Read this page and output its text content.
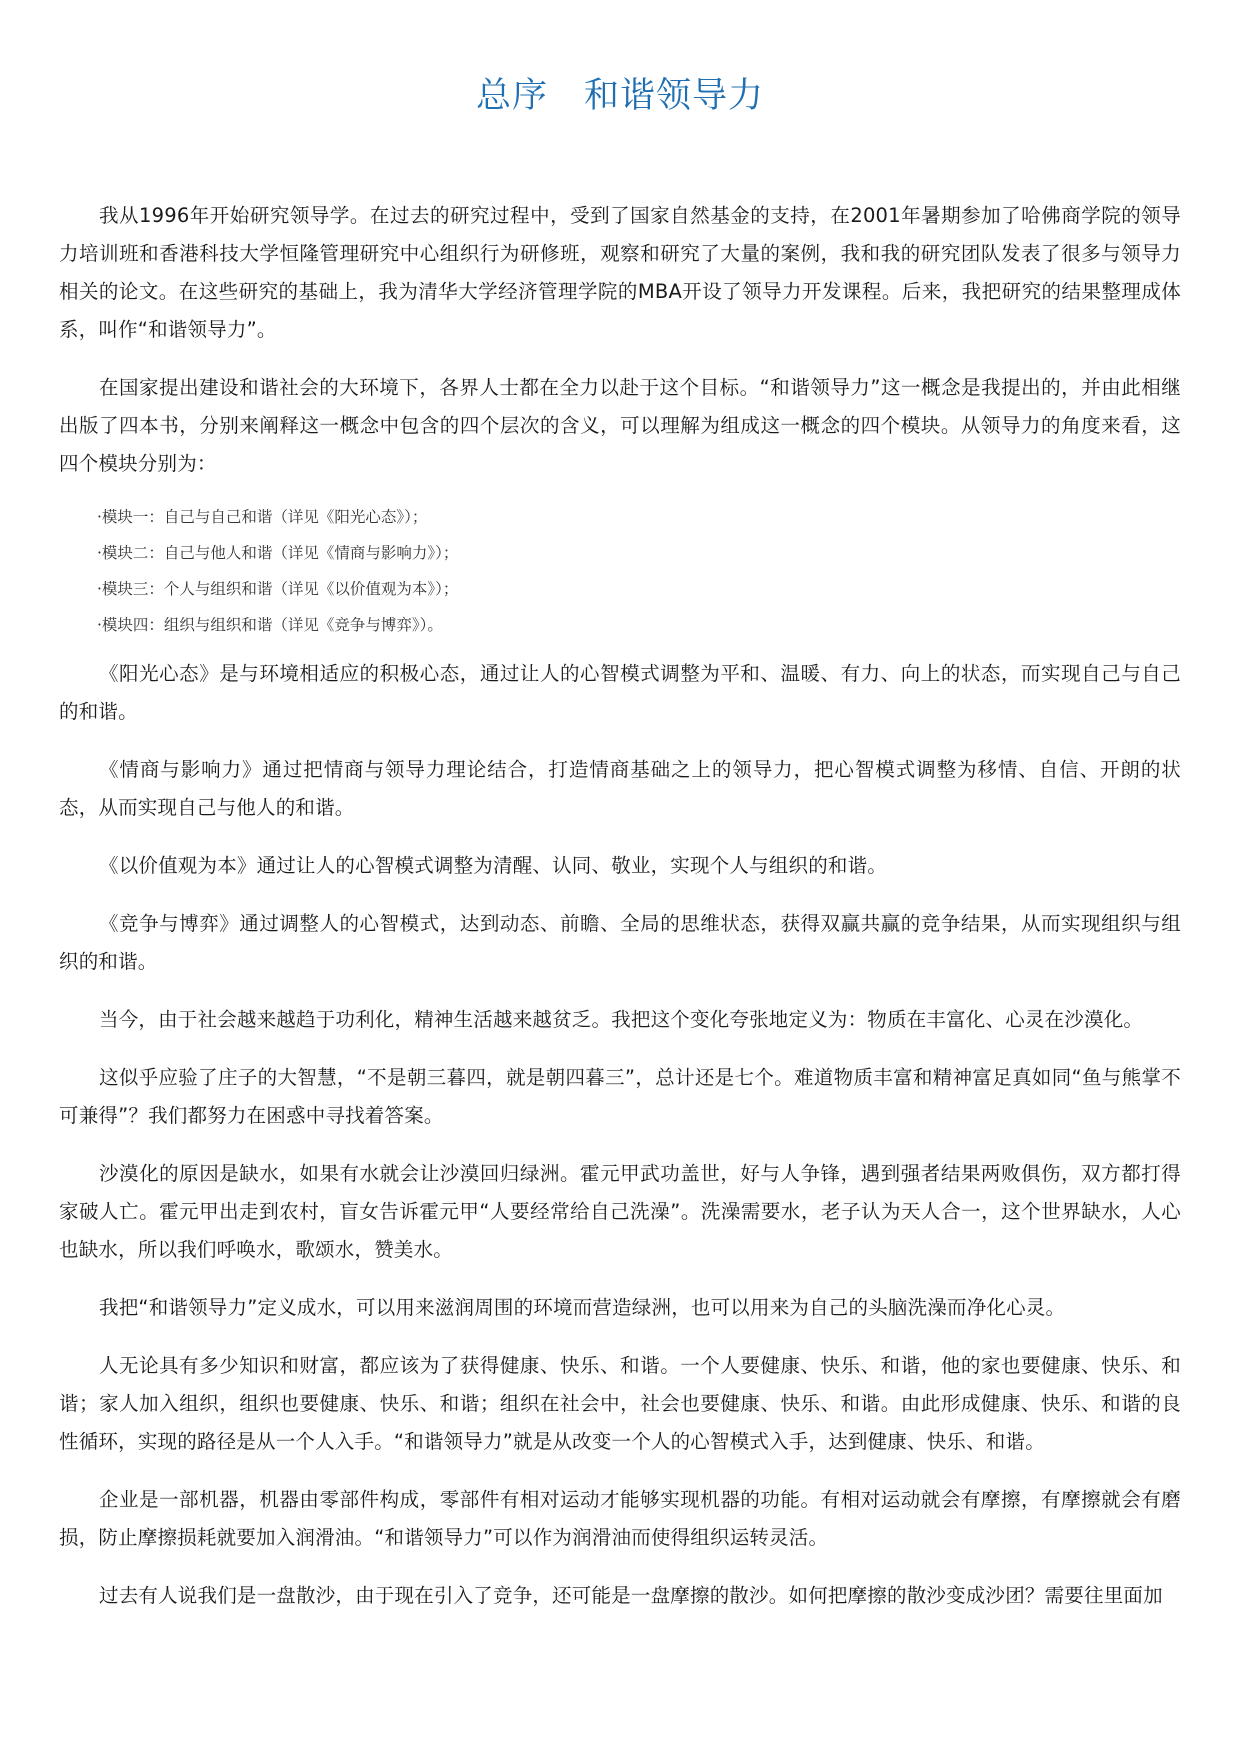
总序　和谐领导力

我从1996年开始研究领导学。在过去的研究过程中，受到了国家自然基金的支持，在2001年暑期参加了哈佛商学院的领导力培训班和香港科技大学恒隆管理研究中心组织行为研修班，观察和研究了大量的案例，我和我的研究团队发表了很多与领导力相关的论文。在这些研究的基础上，我为清华大学经济管理学院的MBA开设了领导力开发课程。后来，我把研究的结果整理成体系，叫作“和谐领导力”。

在国家提出建设和谐社会的大环境下，各界人士都在全力以赴于这个目标。“和谐领导力”这一概念是我提出的，并由此相继出版了四本书，分别来阐释这一概念中包含的四个层次的含义，可以理解为组成这一概念的四个模块。从领导力的角度来看，这四个模块分别为：

·模块一：自己与自己和谐（详见《阳光心态》）；
·模块二：自己与他人和谐（详见《情商与影响力》）；
·模块三：个人与组织和谐（详见《以价值观为本》）；
·模块四：组织与组织和谐（详见《竞争与博弈》）。

《阳光心态》是与环境相适应的积极心态，通过让人的心智模式调整为平和、温暖、有力、向上的状态，而实现自己与自己的和谐。

《情商与影响力》通过把情商与领导力理论结合，打造情商基础之上的领导力，把心智模式调整为移情、自信、开朗的状态，从而实现自己与他人的和谐。

《以价值观为本》通过让人的心智模式调整为清醒、认同、敬业，实现个人与组织的和谐。

《竞争与博弈》通过调整人的心智模式，达到动态、前瞻、全局的思维状态，获得双赢共赢的竞争结果，从而实现组织与组织的和谐。

当今，由于社会越来越趋于功利化，精神生活越来越贫乏。我把这个变化夸张地定义为：物质在丰富化、心灵在沙漠化。

这似乎应验了庄子的大智慧，“不是朝三暮四，就是朝四暮三”，总计还是七个。难道物质丰富和精神富足真如同“鱼与熊掌不可兼得”？我们都努力在困惑中寻找着答案。

沙漠化的原因是缺水，如果有水就会让沙漠回归绿洲。霍元甲武功盖世，好与人争锋，遇到强者结果两败俱伤，双方都打得家破人亡。霍元甲出走到农村，盲女告诉霍元甲“人要经常给自己洗澡”。洗澡需要水，老子认为天人合一，这个世界缺水，人心也缺水，所以我们呼唤水，歌颂水，赞美水。

我把“和谐领导力”定义成水，可以用来滋润周围的环境而营造绿洲，也可以用来为自己的头脑洗澡而净化心灵。

人无论具有多少知识和财富，都应该为了获得健康、快乐、和谐。一个人要健康、快乐、和谐，他的家也要健康、快乐、和谐；家人加入组织，组织也要健康、快乐、和谐；组织在社会中，社会也要健康、快乐、和谐。由此形成健康、快乐、和谐的良性循环，实现的路径是从一个人入手。“和谐领导力”就是从改变一个人的心智模式入手，达到健康、快乐、和谐。

企业是一部机器，机器由零部件构成，零部件有相对运动才能够实现机器的功能。有相对运动就会有摩擦，有摩擦就会有磨损，防止摩擦损耗就要加入润滑油。“和谐领导力”可以作为润滑油而使得组织运转灵活。

过去有人说我们是一盘散沙，由于现在引入了竞争，还可能是一盘摩擦的散沙。如何把摩擦的散沙变成沙团？需要往里面加
